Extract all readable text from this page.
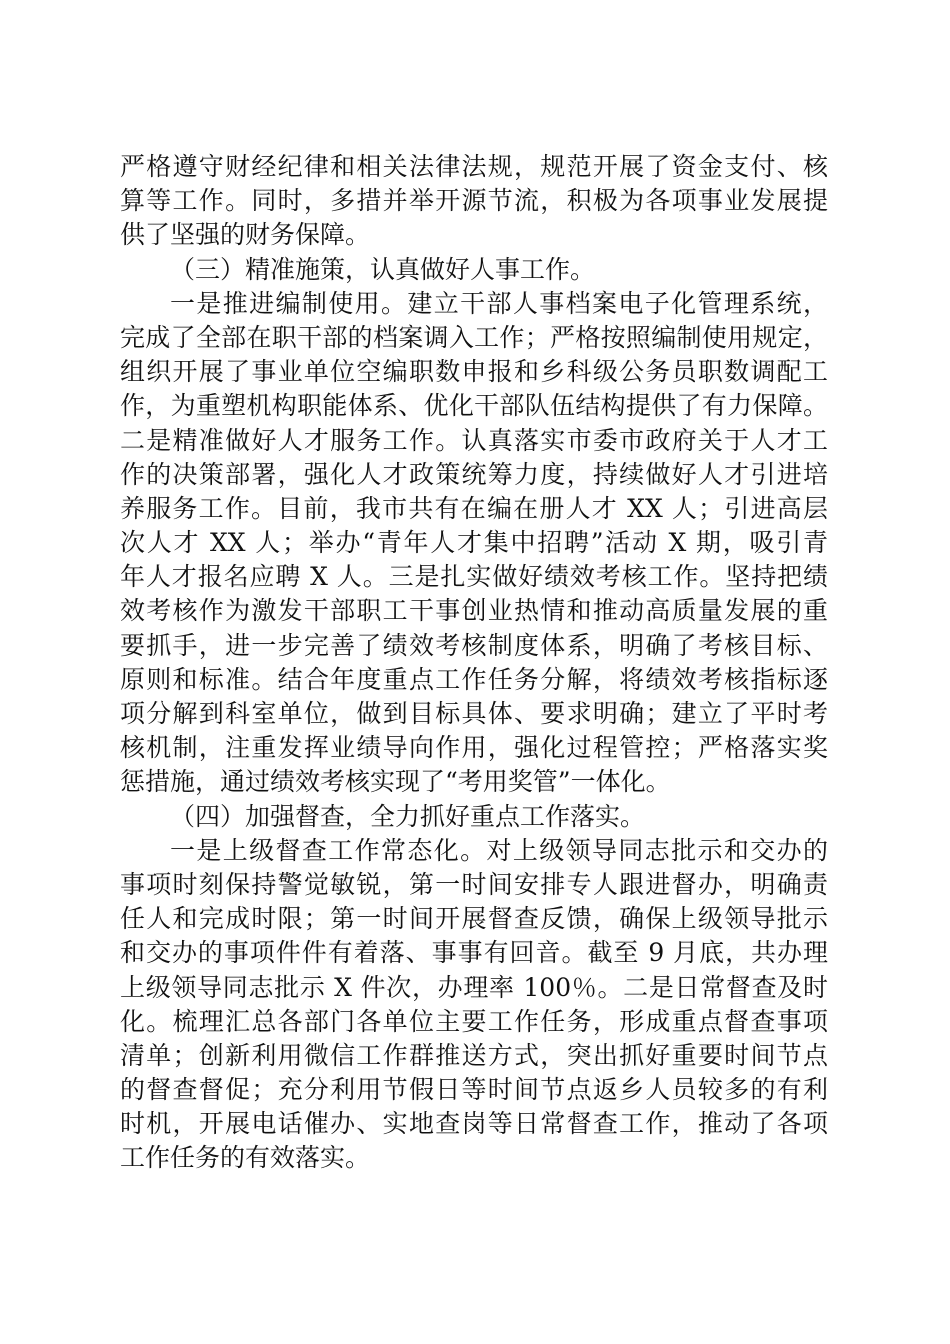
严格遵守财经纪律和相关法律法规，规范开展了资金支付、核
算等工作。同时，多措并举开源节流，积极为各项事业发展提
供了坚强的财务保障。
（三）精准施策，认真做好人事工作。
一是推进编制使用。建立干部人事档案电子化管理系统，
完成了全部在职干部的档案调入工作；严格按照编制使用规定，
组织开展了事业单位空编职数申报和乡科级公务员职数调配工
作，为重塑机构职能体系、优化干部队伍结构提供了有力保障。
二是精准做好人才服务工作。认真落实市委市政府关于人才工
作的决策部署，强化人才政策统筹力度，持续做好人才引进培
养服务工作。目前，我市共有在编在册人才 XX 人；引进高层
次人才 XX 人；举办“青年人才集中招聘”活动 X 期，吸引青
年人才报名应聘 X 人。三是扎实做好绩效考核工作。坚持把绩
效考核作为激发干部职工干事创业热情和推动高质量发展的重
要抓手，进一步完善了绩效考核制度体系，明确了考核目标、
原则和标准。结合年度重点工作任务分解，将绩效考核指标逐
项分解到科室单位，做到目标具体、要求明确；建立了平时考
核机制，注重发挥业绩导向作用，强化过程管控；严格落实奖
惩措施，通过绩效考核实现了“考用奖管”一体化。
（四）加强督查，全力抓好重点工作落实。
一是上级督查工作常态化。对上级领导同志批示和交办的
事项时刻保持警觉敏锐，第一时间安排专人跟进督办，明确责
任人和完成时限；第一时间开展督查反馈，确保上级领导批示
和交办的事项件件有着落、事事有回音。截至 9 月底，共办理
上级领导同志批示 X 件次，办理率 100％。二是日常督查及时
化。梳理汇总各部门各单位主要工作任务，形成重点督查事项
清单；创新利用微信工作群推送方式，突出抓好重要时间节点
的督查督促；充分利用节假日等时间节点返乡人员较多的有利
时机，开展电话催办、实地查岗等日常督查工作，推动了各项
工作任务的有效落实。
